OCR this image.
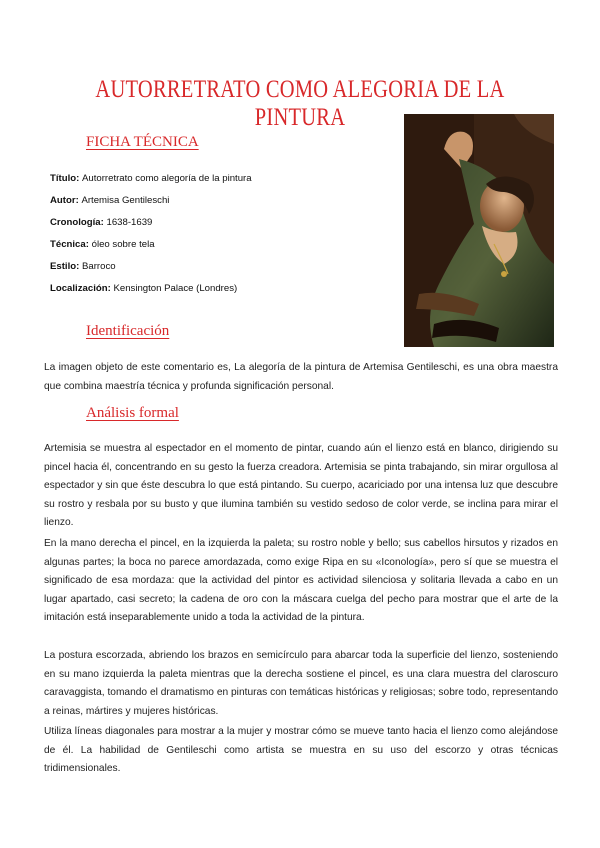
AUTORRETRATO COMO ALEGORIA DE LA PINTURA
FICHA TÉCNICA
Título: Autorretrato como alegoría de la pintura
Autor: Artemisa Gentileschi
Cronología: 1638-1639
Técnica: óleo sobre tela
Estilo: Barroco
Localización: Kensington Palace (Londres)
Identificación

La imagen objeto de este comentario es, La alegoría de la pintura de Artemisa Gentileschi, es una obra maestra que combina maestría técnica y profunda significación personal.

Análisis formal

Artemisia se muestra al espectador en el momento de pintar, cuando aún el lienzo está en blanco, dirigiendo su pincel hacia él, concentrando en su gesto la fuerza creadora. Artemisia se pinta trabajando, sin mirar orgullosa al espectador y sin que éste descubra lo que está pintando. Su cuerpo, acariciado por una intensa luz que descubre su rostro y resbala por su busto y que ilumina también su vestido sedoso de color verde, se inclina para mirar el lienzo.

En la mano derecha el pincel, en la izquierda la paleta; su rostro noble y bello; sus cabellos hirsutos y rizados en algunas partes; la boca no parece amordazada, como exige Ripa en su «Iconología», pero sí que se muestra el significado de esa mordaza: que la actividad del pintor es actividad silenciosa y solitaria llevada a cabo en un lugar apartado, casi secreto; la cadena de oro con la máscara cuelga del pecho para mostrar que el arte de la imitación está inseparablemente unido a toda la actividad de la pintura.

La postura escorzada, abriendo los brazos en semicírculo para abarcar toda la superficie del lienzo, sosteniendo en su mano izquierda la paleta mientras que la derecha sostiene el pincel, es una clara muestra del claroscuro caravaggista, tomando el dramatismo en pinturas con temáticas históricas y religiosas; sobre todo, representando a reinas, mártires y mujeres históricas.

Utiliza líneas diagonales para mostrar a la mujer y mostrar cómo se mueve tanto hacia el lienzo como alejándose de él. La habilidad de Gentileschi como artista se muestra en su uso del escorzo y otras técnicas tridimensionales.
